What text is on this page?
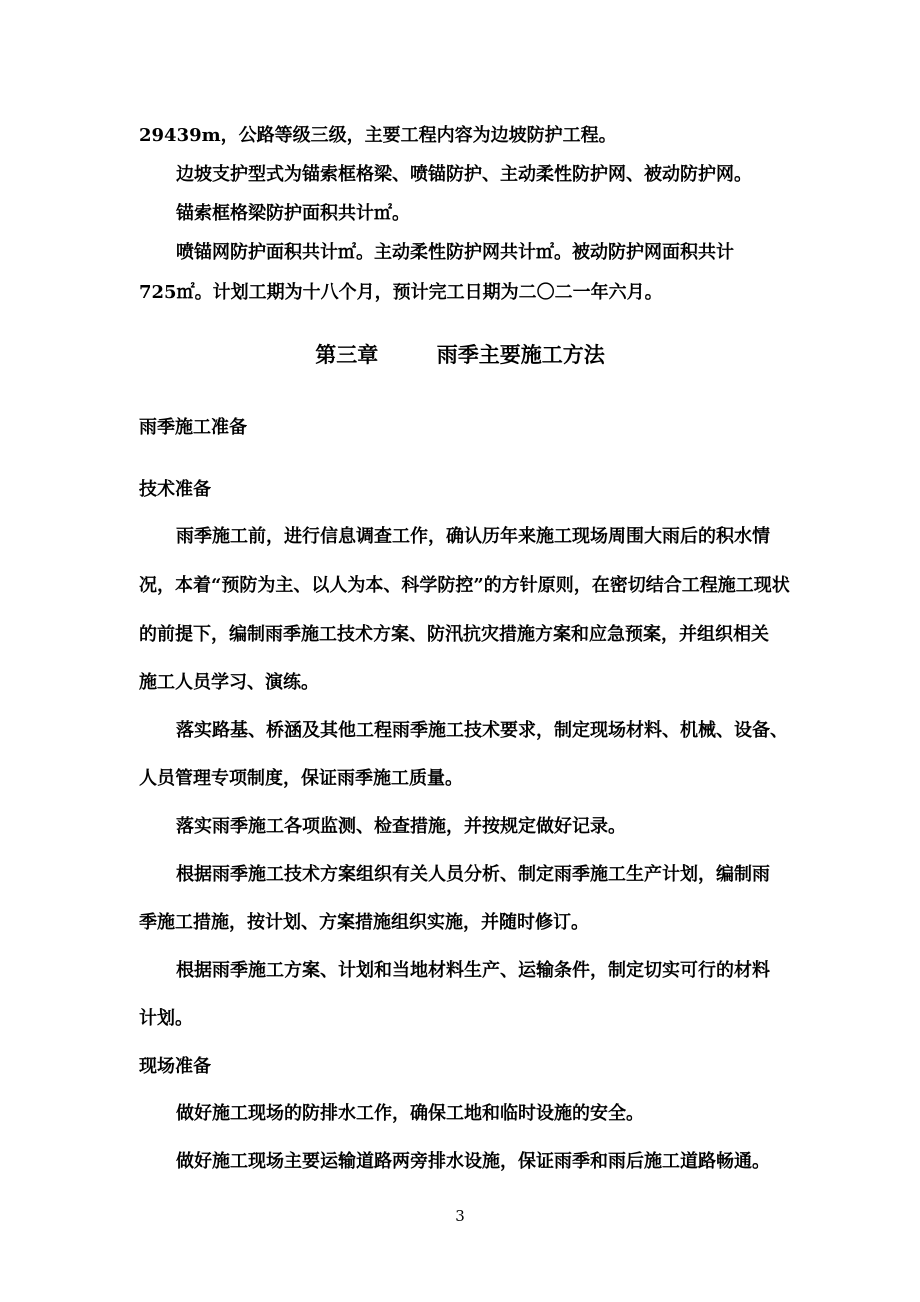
29439m，公路等级三级，主要工程内容为边坡防护工程。
边坡支护型式为锚索框格梁、喷锚防护、主动柔性防护网、被动防护网。
锚索框格梁防护面积共计㎡。
喷锚网防护面积共计㎡。主动柔性防护网共计㎡。被动防护网面积共计
725㎡。计划工期为十八个月，预计完工日期为二〇二一年六月。
第三章        雨季主要施工方法
雨季施工准备
技术准备
雨季施工前，进行信息调查工作，确认历年来施工现场周围大雨后的积水情
况，本着“预防为主、以人为本、科学防控”的方针原则，在密切结合工程施工现状
的前提下，编制雨季施工技术方案、防汛抗灾措施方案和应急预案，并组织相关
施工人员学习、演练。
落实路基、桥涵及其他工程雨季施工技术要求，制定现场材料、机械、设备、
人员管理专项制度，保证雨季施工质量。
落实雨季施工各项监测、检查措施，并按规定做好记录。
根据雨季施工技术方案组织有关人员分析、制定雨季施工生产计划，编制雨
季施工措施，按计划、方案措施组织实施，并随时修订。
根据雨季施工方案、计划和当地材料生产、运输条件，制定切实可行的材料
计划。
现场准备
做好施工现场的防排水工作，确保工地和临时设施的安全。
做好施工现场主要运输道路两旁排水设施，保证雨季和雨后施工道路畅通。
3
